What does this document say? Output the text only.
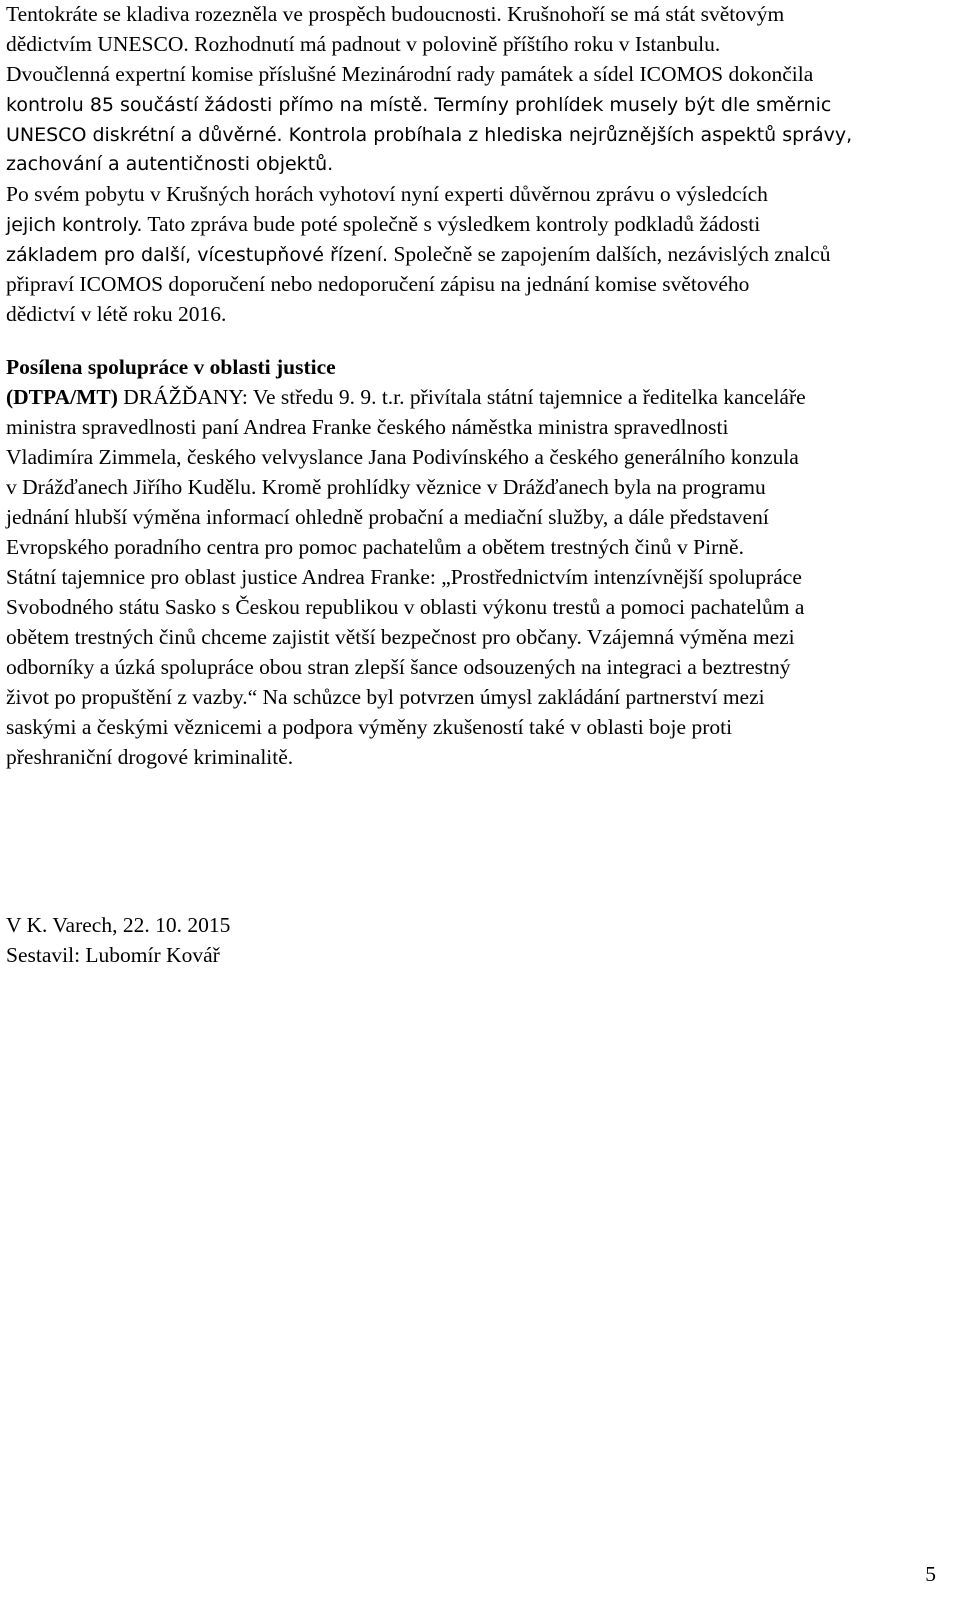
Tentokráte se kladiva rozezněla ve prospěch budoucnosti. Krušnohoří se má stát světovým
dědictvím UNESCO. Rozhodnutí má padnout v polovině příštího roku v Istanbulu.
Dvoučlenná expertní komise příslušné Mezinárodní rady památek a sídel ICOMOS dokončila
kontrolu 85 součástí žádosti přímo na místě. Termíny prohlídek musely být dle směrnic
UNESCO diskrétní a důvěrné. Kontrola probíhala z hlediska nejrůznějších aspektů správy,
zachování a autentičnosti objektů.
Po svém pobytu v Krušných horách vyhotoví nyní experti důvěrnou zprávu o výsledcích
jejich kontroly. Tato zpráva bude poté společně s výsledkem kontroly podkladů žádosti
základem pro další, vícestupňové řízení. Společně se zapojením dalších, nezávislých znalců
připraví ICOMOS doporučení nebo nedoporučení zápisu na jednání komise světového
dědictví v létě roku 2016.
Posílena spolupráce v oblasti justice
(DTPA/MT) DRÁŽĎANY: Ve středu 9. 9. t.r. přivítala státní tajemnice a ředitelka kanceláře
ministra spravedlnosti paní Andrea Franke českého náměstka ministra spravedlnosti
Vladimíra Zimmela, českého velvyslance Jana Podivínského a českého generálního konzula
v Drážďanech Jiřího Kudělu. Kromě prohlídky věznice v Drážďanech byla na programu
jednání hlubší výměna informací ohledně probační a mediační služby, a dále představení
Evropského poradního centra pro pomoc pachatelům a obětem trestných činů v Pirně.
Státní tajemnice pro oblast justice Andrea Franke: „Prostřednictvím intenzívnější spolupráce
Svobodného státu Sasko s Českou republikou v oblasti výkonu trestů a pomoci pachatelům a
obětem trestných činů chceme zajistit větší bezpečnost pro občany. Vzájemná výměna mezi
odborníky a úzká spolupráce obou stran zlepší šance odsouzených na integraci a beztrestný
život po propuštění z vazby.“ Na schůzce byl potvrzen úmysl zakládání partnerství mezi
saskými a českými věznicemi a podpora výměny zkušeností také v oblasti boje proti
přeshraniční drogové kriminalitě.
V K. Varech, 22. 10. 2015
Sestavil: Lubomír Kovář
5
